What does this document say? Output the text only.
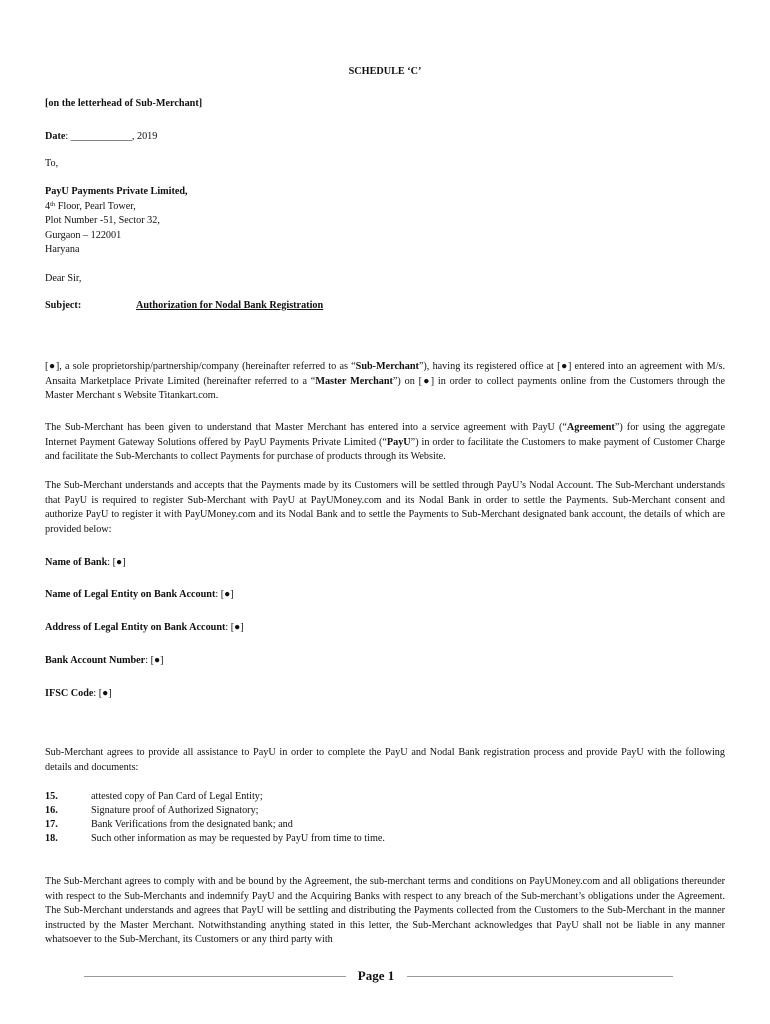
SCHEDULE ‘C’

[on the letterhead of Sub-Merchant]

Date: ____________, 2019

To,

PayU Payments Private Limited,
4th Floor, Pearl Tower,
Plot Number -51, Sector 32,
Gurgaon – 122001
Haryana

Dear Sir,

Subject:	Authorization for Nodal Bank Registration

[●], a sole proprietorship/partnership/company (hereinafter referred to as “Sub-Merchant”), having its registered office at [●] entered into an agreement with M/s. Ansaita Marketplace Private Limited (hereinafter referred to a “Master Merchant”) on [●] in order to collect payments online from the Customers through the Master Merchant s Website Titankart.com.

The Sub-Merchant has been given to understand that Master Merchant has entered into a service agreement with PayU (“Agreement”) for using the aggregate Internet Payment Gateway Solutions offered by PayU Payments Private Limited (“PayU”) in order to facilitate the Customers to make payment of Customer Charge and facilitate the Sub-Merchants to collect Payments for purchase of products through its Website.

The Sub-Merchant understands and accepts that the Payments made by its Customers will be settled through PayU’s Nodal Account. The Sub-Merchant understands that PayU is required to register Sub-Merchant with PayU at PayUMoney.com and its Nodal Bank in order to settle the Payments. Sub-Merchant consent and authorize PayU to register it with PayUMoney.com and its Nodal Bank and to settle the Payments to Sub-Merchant designated bank account, the details of which are provided below:

Name of Bank: [●]

Name of Legal Entity on Bank Account: [●]

Address of Legal Entity on Bank Account: [●]

Bank Account Number: [●]

IFSC Code: [●]

Sub-Merchant agrees to provide all assistance to PayU in order to complete the PayU and Nodal Bank registration process and provide PayU with the following details and documents:

15.	attested copy of Pan Card of Legal Entity;
16.	Signature proof of Authorized Signatory;
17.	Bank Verifications from the designated bank; and
18.	Such other information as may be requested by PayU from time to time.

The Sub-Merchant agrees to comply with and be bound by the Agreement, the sub-merchant terms and conditions on PayUMoney.com and all obligations thereunder with respect to the Sub-Merchants and indemnify PayU and the Acquiring Banks with respect to any breach of the Sub-merchant’s obligations under the Agreement. The Sub-Merchant understands and agrees that PayU will be settling and distributing the Payments collected from the Customers to the Sub-Merchant in the manner instructed by the Master Merchant. Notwithstanding anything stated in this letter, the Sub-Merchant acknowledges that PayU shall not be liable in any manner whatsoever to the Sub-Merchant, its Customers or any third party with

Page 1
